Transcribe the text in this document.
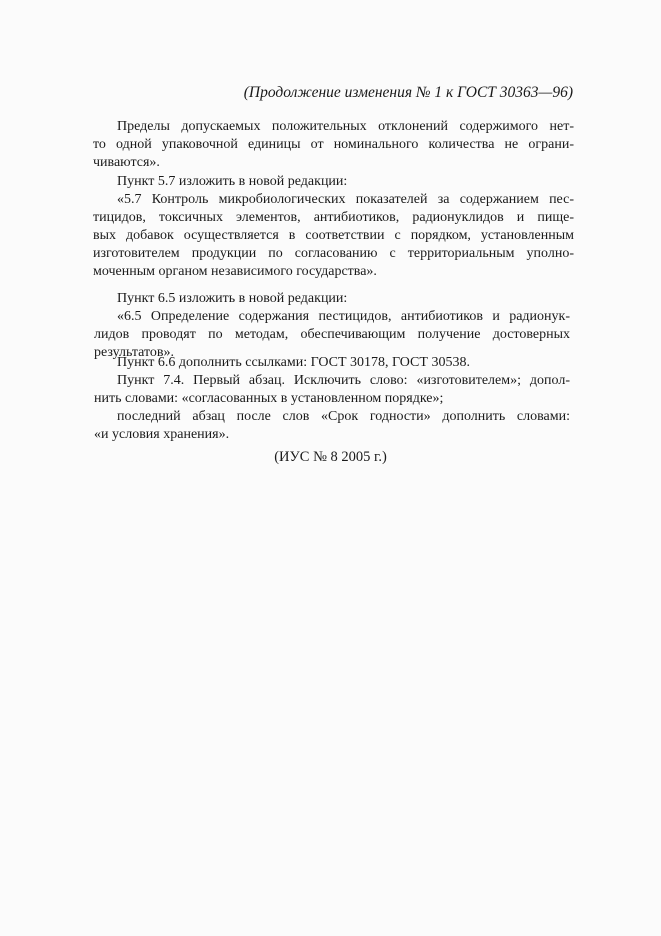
(Продолжение изменения № 1 к ГОСТ 30363—96)
Пределы допускаемых положительных отклонений содержимого нет-
то одной упаковочной единицы от номинального количества не ограни-
чиваются».
Пункт 5.7 изложить в новой редакции:
«5.7 Контроль микробиологических показателей за содержанием пес-
тицидов, токсичных элементов, антибиотиков, радионуклидов и пище-
вых добавок осуществляется в соответствии с порядком, установленным
изготовителем продукции по согласованию с территориальным уполно-
моченным органом независимого государства».
Пункт 6.5 изложить в новой редакции:
«6.5 Определение содержания пестицидов, антибиотиков и радионук-
лидов проводят по методам, обеспечивающим получение достоверных
результатов».
Пункт 6.6 дополнить ссылками: ГОСТ 30178, ГОСТ 30538.
Пункт 7.4. Первый абзац. Исключить слово: «изготовителем»; допол-
нить словами: «согласованных в установленном порядке»;
последний абзац после слов «Срок годности» дополнить словами:
«и условия хранения».
(ИУС № 8 2005 г.)
